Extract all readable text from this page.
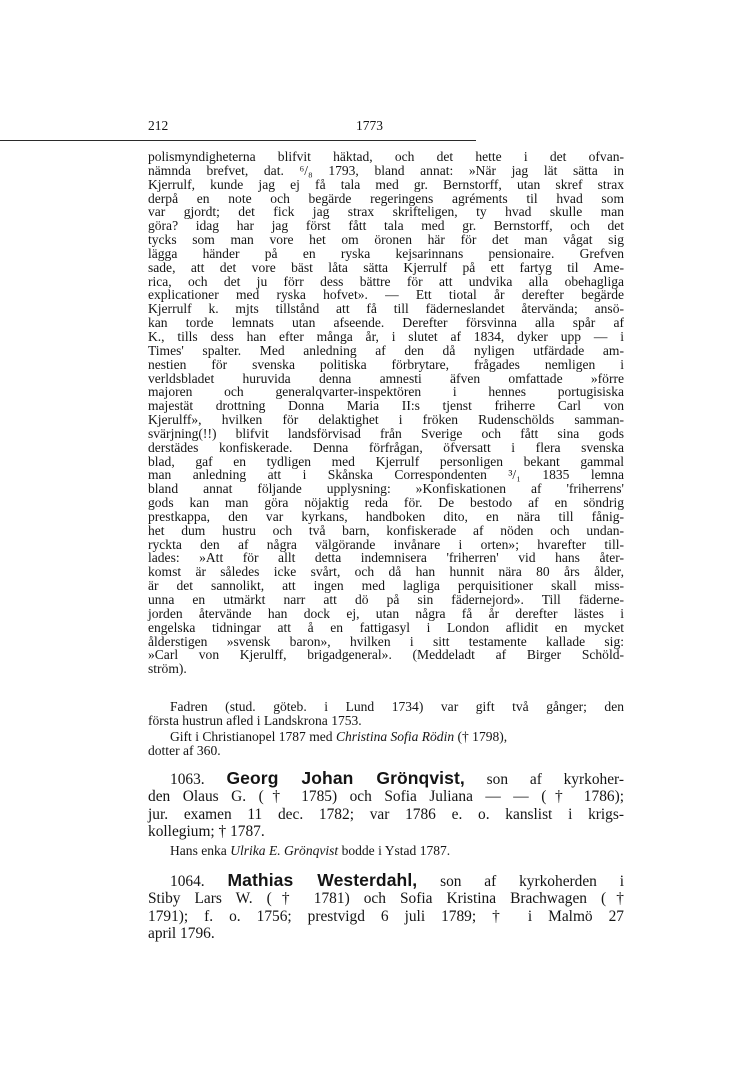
212	1773
polismyndigheterna blifvit häktad, och det hette i det ofvan-
nämnda brefvet, dat. ⁶/₈ 1793, bland annat: »När jag lät sätta in
Kjerrulf, kunde jag ej få tala med gr. Bernstorff, utan skref strax
derpå en note och begärde regeringens agréments til hvad som
var gjordt; det fick jag strax skrifteligen, ty hvad skulle man
göra? idag har jag först fått tala med gr. Bernstorff, och det
tycks som man vore het om öronen här för det man vågat sig
lägga händer på en ryska kejsarinnans pensionaire. Grefven
sade, att det vore bäst låta sätta Kjerrulf på ett fartyg til Ame-
rica, och det ju förr dess bättre för att undvika alla obehagliga
explicationer med ryska hofvet». — Ett tiotal år derefter begärde
Kjerrulf k. mjts tillstånd att få till fäderneslandet återvända; ansö-
kan torde lemnats utan afseende. Derefter försvinna alla spår af
K., tills dess han efter många år, i slutet af 1834, dyker upp — i
Times' spalter. Med anledning af den då nyligen utfärdade am-
nestien för svenska politiska förbrytare, frågades nemligen i
verldsbladet huruvida denna amnesti äfven omfattade »förre
majoren och generalqvarter-inspektören i hennes portugisiska
majestät drottning Donna Maria II:s tjenst friherre Carl von
Kjerulff», hvilken för delaktighet i fröken Rudenschölds samman-
svärjning(!!) blifvit landsförvisad från Sverige och fått sina gods
derstädes konfiskerade. Denna förfrågan, öfversatt i flera svenska
blad, gaf en tydligen med Kjerrulf personligen bekant gammal
man anledning att i Skånska Correspondenten ³/₁ 1835 lemna
bland annat följande upplysning: »Konfiskationen af 'friherrens'
gods kan man göra nöjaktig reda för. De bestodo af en söndrig
prestkappa, den var kyrkans, handboken dito, en nära till fånig-
het dum hustru och två barn, konfiskerade af nöden och undan-
ryckta den af några välgörande invånare i orten»; hvarefter till-
lades: »Att för allt detta indemnisera 'friherren' vid hans åter-
komst är således icke svårt, och då han hunnit nära 80 års ålder,
är det sannolikt, att ingen med lagliga perquisitioner skall miss-
unna en utmärkt narr att dö på sin fädernejord». Till fäderne-
jorden återvände han dock ej, utan några få år derefter lästes i
engelska tidningar att å en fattigasyl i London aflidit en mycket
ålderstigen »svensk baron», hvilken i sitt testamente kallade sig:
»Carl von Kjerulff, brigadgeneral». (Meddeladt af Birger Schöld-
ström).
Fadren (stud. göteb. i Lund 1734) var gift två gånger; den
första hustrun afled i Landskrona 1753.
Gift i Christianopel 1787 med Christina Sofia Rödin († 1798),
dotter af 360.
1063. Georg Johan Grönqvist, son af kyrkoher-
den Olaus G. († 1785) och Sofia Juliana — — († 1786);
jur. examen 11 dec. 1782; var 1786 e. o. kanslist i krigs-
kollegium; † 1787.
Hans enka Ulrika E. Grönqvist bodde i Ystad 1787.
1064. Mathias Westerdahl, son af kyrkoherden i
Stiby Lars W. († 1781) och Sofia Kristina Brachwagen (†
1791); f. o. 1756; prestvigd 6 juli 1789; † i Malmö 27
april 1796.
